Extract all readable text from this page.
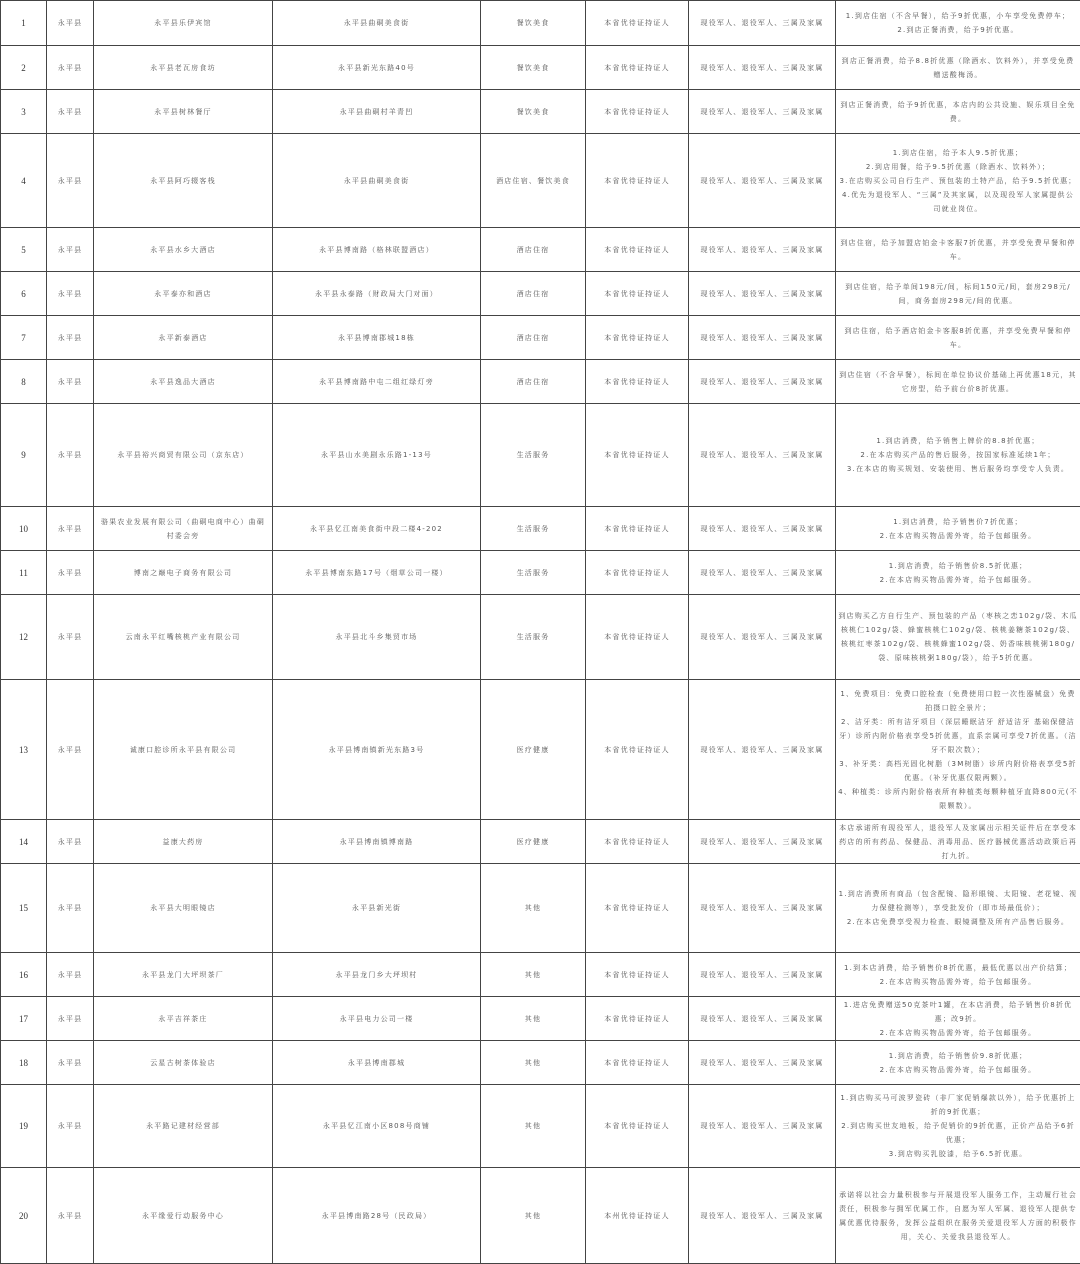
1	永平县	永平县乐伊宾馆	永平县曲硐美食街	餐饮美食	本省优待证持证人	现役军人、退役军人、三属及家属	1.到店住宿（不含早餐），给予9折优惠，小车享受免费停车；
2.到店正餐消费，给予9折优惠。
2	永平县	永平县老瓦房食坊	永平县新光东路40号	餐饮美食	本省优待证持证人	现役军人、退役军人、三属及家属	到店正餐消费，给予8.8折优惠（除酒水、饮料外），并享受免费赠送酸梅汤。
3	永平县	永平县树林餐厅	永平县曲硐村羊青凹	餐饮美食	本省优待证持证人	现役军人、退役军人、三属及家属	到店正餐消费，给予9折优惠，本店内的公共设施、娱乐项目全免费。
4	永平县	永平县阿巧辍客栈	永平县曲硐美食街	酒店住宿、餐饮美食	本省优待证持证人	现役军人、退役军人、三属及家属	1.到店住宿，给予本人9.5折优惠；
2.到店用餐，给予9.5折优惠（除酒水、饮料外）；
3.在店购买公司自行生产、预包装的土特产品，给予9.5折优惠；
4.优先为退役军人、“三属”及其家属，以及现役军人家属提供公司就业岗位。
5	永平县	永平县水乡大酒店	永平县博南路（格林联盟酒店）	酒店住宿	本省优待证持证人	现役军人、退役军人、三属及家属	到店住宿，给予加盟店铂金卡客服7折优惠，并享受免费早餐和停车。
6	永平县	永平泰亦和酒店	永平县永泰路（财政局大门对面）	酒店住宿	本省优待证持证人	现役军人、退役军人、三属及家属	到店住宿，给予单间198元/间，标间150元/间，套房298元/间，商务套房298元/间的优惠。
7	永平县	永平新泰酒店	永平县博南郡城18栋	酒店住宿	本省优待证持证人	现役军人、退役军人、三属及家属	到店住宿，给予酒店铂金卡客服8折优惠，并享受免费早餐和停车。
8	永平县	永平县逸品大酒店	永平县博南路中屯二组红绿灯旁	酒店住宿	本省优待证持证人	现役军人、退役军人、三属及家属	到店住宿（不含早餐），标间在单位协议价基础上再优惠18元，其它房型，给予前台价8折优惠。
9	永平县	永平县裕兴商贸有限公司（京东店）	永平县山水美剧永乐路1-13号	生活服务	本省优待证持证人	现役军人、退役军人、三属及家属	1.到店消费，给予销售上牌价的8.8折优惠；
2.在本店购买产品的售后服务，按国家标准延续1年；
3.在本店的购买规划、安装使用、售后服务均享受专人负责。
10	永平县	骆果农业发展有限公司（曲硐电商中心）曲硐村委会旁	永平县忆江南美食街中段二楼4-202	生活服务	本省优待证持证人	现役军人、退役军人、三属及家属	1.到店消费，给予销售价7折优惠；
2.在本店购买物品需外寄，给予包邮服务。
11	永平县	博南之巅电子商务有限公司	永平县博南东路17号（烟草公司一楼）	生活服务	本省优待证持证人	现役军人、退役军人、三属及家属	1.到店消费，给予销售价8.5折优惠；
2.在本店购买物品需外寄，给予包邮服务。
12	永平县	云南永平红嘴核桃产业有限公司	永平县北斗乡集贸市场	生活服务	本省优待证持证人	现役军人、退役军人、三属及家属	到店购买乙方自行生产、预包装的产品（枣核之恋102g/袋、木瓜核桃仁102g/袋、蜂蜜核桃仁102g/袋、核桃姜糖茶102g/袋、核桃红枣茶102g/袋、核桃蜂蜜102g/袋、奶香味核桃粥180g/袋、原味核桃粥180g/袋），给予5折优惠。
13	永平县	诚康口腔诊所永平县有限公司	永平县博南镇新光东路3号	医疗健康	本省优待证持证人	现役军人、退役军人、三属及家属	1、免费项目：免费口腔检查（免费使用口腔一次性器械盘）免费拍摄口腔全景片；
2、洁牙类：所有洁牙项目（深层睡眠洁牙 舒适洁牙 基础保健洁牙）诊所内附价格表享受5折优惠，直系亲属可享受7折优惠。（洁牙不限次数）；
3、补牙类：高档光固化树脂（3M树脂）诊所内附价格表享受5折优惠。（补牙优惠仅限两颗）。
4、种植类：诊所内附价格表所有种植类每颗种植牙直降800元(不限颗数）。
14	永平县	益康大药房	永平县博南镇博南路	医疗健康	本省优待证持证人	现役军人、退役军人、三属及家属	本店承诺所有现役军人，退役军人及家属出示相关证件后在享受本药店的所有药品、保健品、消毒用品、医疗器械优惠活动政策后再打九折。
15	永平县	永平县大明眼镜店	永平县新光街	其他	本省优待证持证人	现役军人、退役军人、三属及家属	1.到店消费所有商品（包含配镜、隐形眼镜、太阳镜、老花镜、视力保健检测等），享受批发价（即市场最低价）；
2.在本店免费享受视力检查、眼镜调整及所有产品售后服务。
16	永平县	永平县龙门大坪坝茶厂	永平县龙门乡大坪坝村	其他	本省优待证持证人	现役军人、退役军人、三属及家属	1.到本店消费，给予销售价8折优惠，最低优惠以出产价结算；
2.在本店购买物品需外寄，给予包邮服务。
17	永平县	永平吉祥茶庄	永平县电力公司一楼	其他	本省优待证持证人	现役军人、退役军人、三属及家属	1.进店免费赠送50克茶叶1罐，在本店消费，给予销售价8折优惠；改9折。
2.在本店购买物品需外寄，给予包邮服务。
18	永平县	云星古树茶体验店	永平县博南郡城	其他	本省优待证持证人	现役军人、退役军人、三属及家属	1.到店消费，给予销售价9.8折优惠；
2.在本店购买物品需外寄，给予包邮服务。
19	永平县	永平路记建材经营部	永平县忆江南小区808号商铺	其他	本省优待证持证人	现役军人、退役军人、三属及家属	1.到店购买马可波罗瓷砖（非厂家促销爆款以外），给予优惠折上折的9折优惠；
2.到店购买世友地板，给予促销价的9折优惠，正价产品给予6折优惠；
3.到店购买乳胶漆，给予6.5折优惠。
20	永平县	永平缘爱行动服务中心	永平县博南路28号（民政局）	其他	本州优待证持证人	现役军人、退役军人、三属及家属	承诺将以社会力量积极参与开展退役军人服务工作，主动履行社会责任，积极参与拥军优属工作，自愿为军人军属、退役军人提供专属优惠优待服务，发挥公益组织在服务关爱退役军人方面的积极作用，关心、关爱我县退役军人。
